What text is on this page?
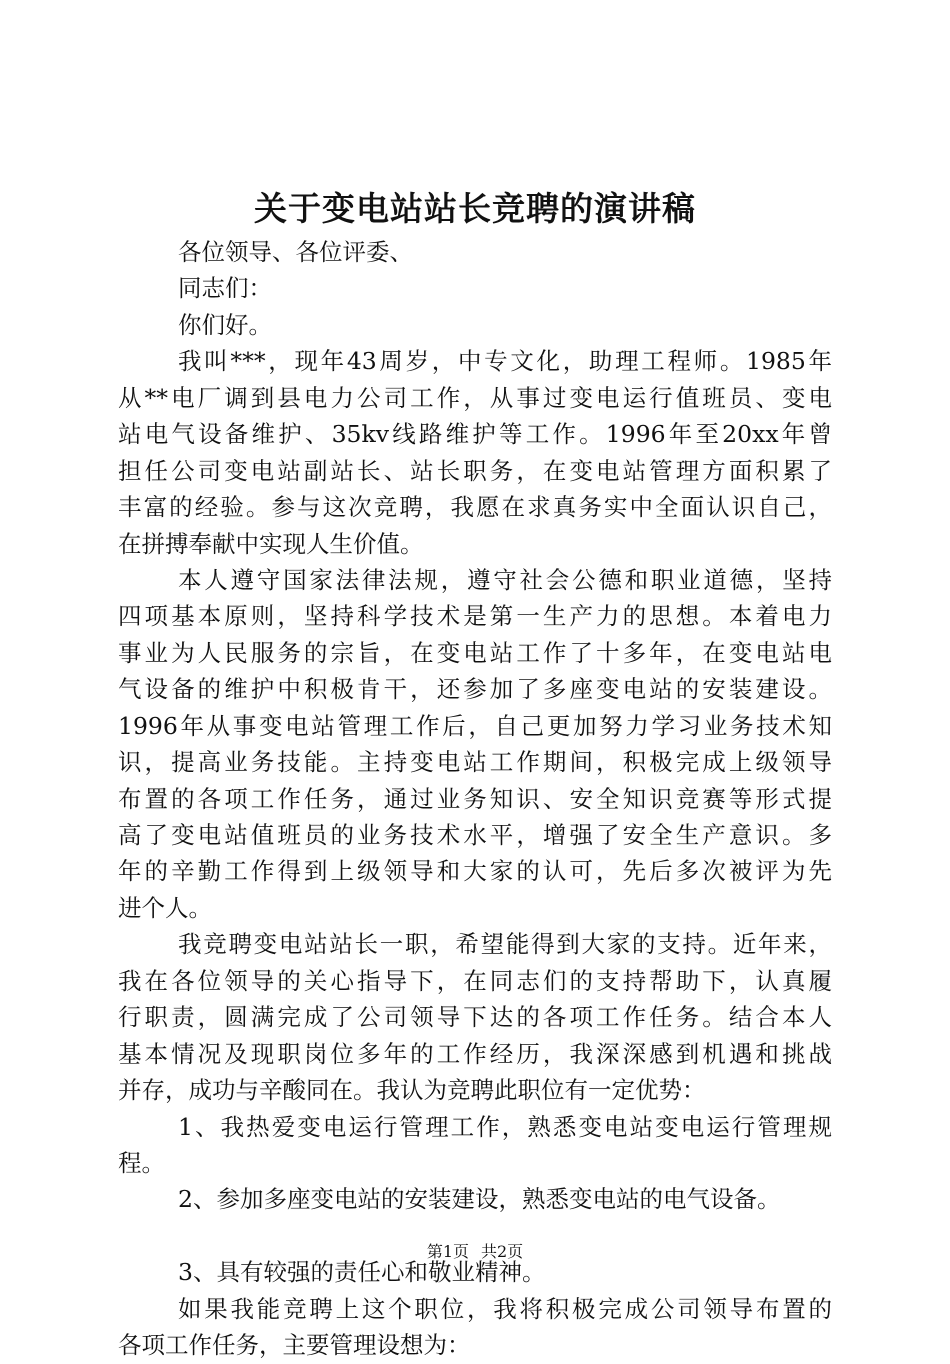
关于变电站站长竞聘的演讲稿
各位领导、各位评委、
同志们：
你们好。
我叫***，现年43周岁，中专文化，助理工程师。1985年
从**电厂调到县电力公司工作，从事过变电运行值班员、变电
站电气设备维护、35kv线路维护等工作。1996年至20xx年曾
担任公司变电站副站长、站长职务，在变电站管理方面积累了
丰富的经验。参与这次竞聘，我愿在求真务实中全面认识自己，
在拼搏奉献中实现人生价值。
本人遵守国家法律法规，遵守社会公德和职业道德，坚持
四项基本原则，坚持科学技术是第一生产力的思想。本着电力
事业为人民服务的宗旨，在变电站工作了十多年，在变电站电
气设备的维护中积极肯干，还参加了多座变电站的安装建设。
1996年从事变电站管理工作后，自己更加努力学习业务技术知
识，提高业务技能。主持变电站工作期间，积极完成上级领导
布置的各项工作任务，通过业务知识、安全知识竞赛等形式提
高了变电站值班员的业务技术水平，增强了安全生产意识。多
年的辛勤工作得到上级领导和大家的认可，先后多次被评为先
进个人。
我竞聘变电站站长一职，希望能得到大家的支持。近年来，
我在各位领导的关心指导下，在同志们的支持帮助下，认真履
行职责，圆满完成了公司领导下达的各项工作任务。结合本人
基本情况及现职岗位多年的工作经历，我深深感到机遇和挑战
并存，成功与辛酸同在。我认为竞聘此职位有一定优势：
1、我热爱变电运行管理工作，熟悉变电站变电运行管理规
程。
2、参加多座变电站的安装建设，熟悉变电站的电气设备。
3、具有较强的责任心和敬业精神。
如果我能竞聘上这个职位，我将积极完成公司领导布置的
各项工作任务，主要管理设想为：
第1页 共2页
